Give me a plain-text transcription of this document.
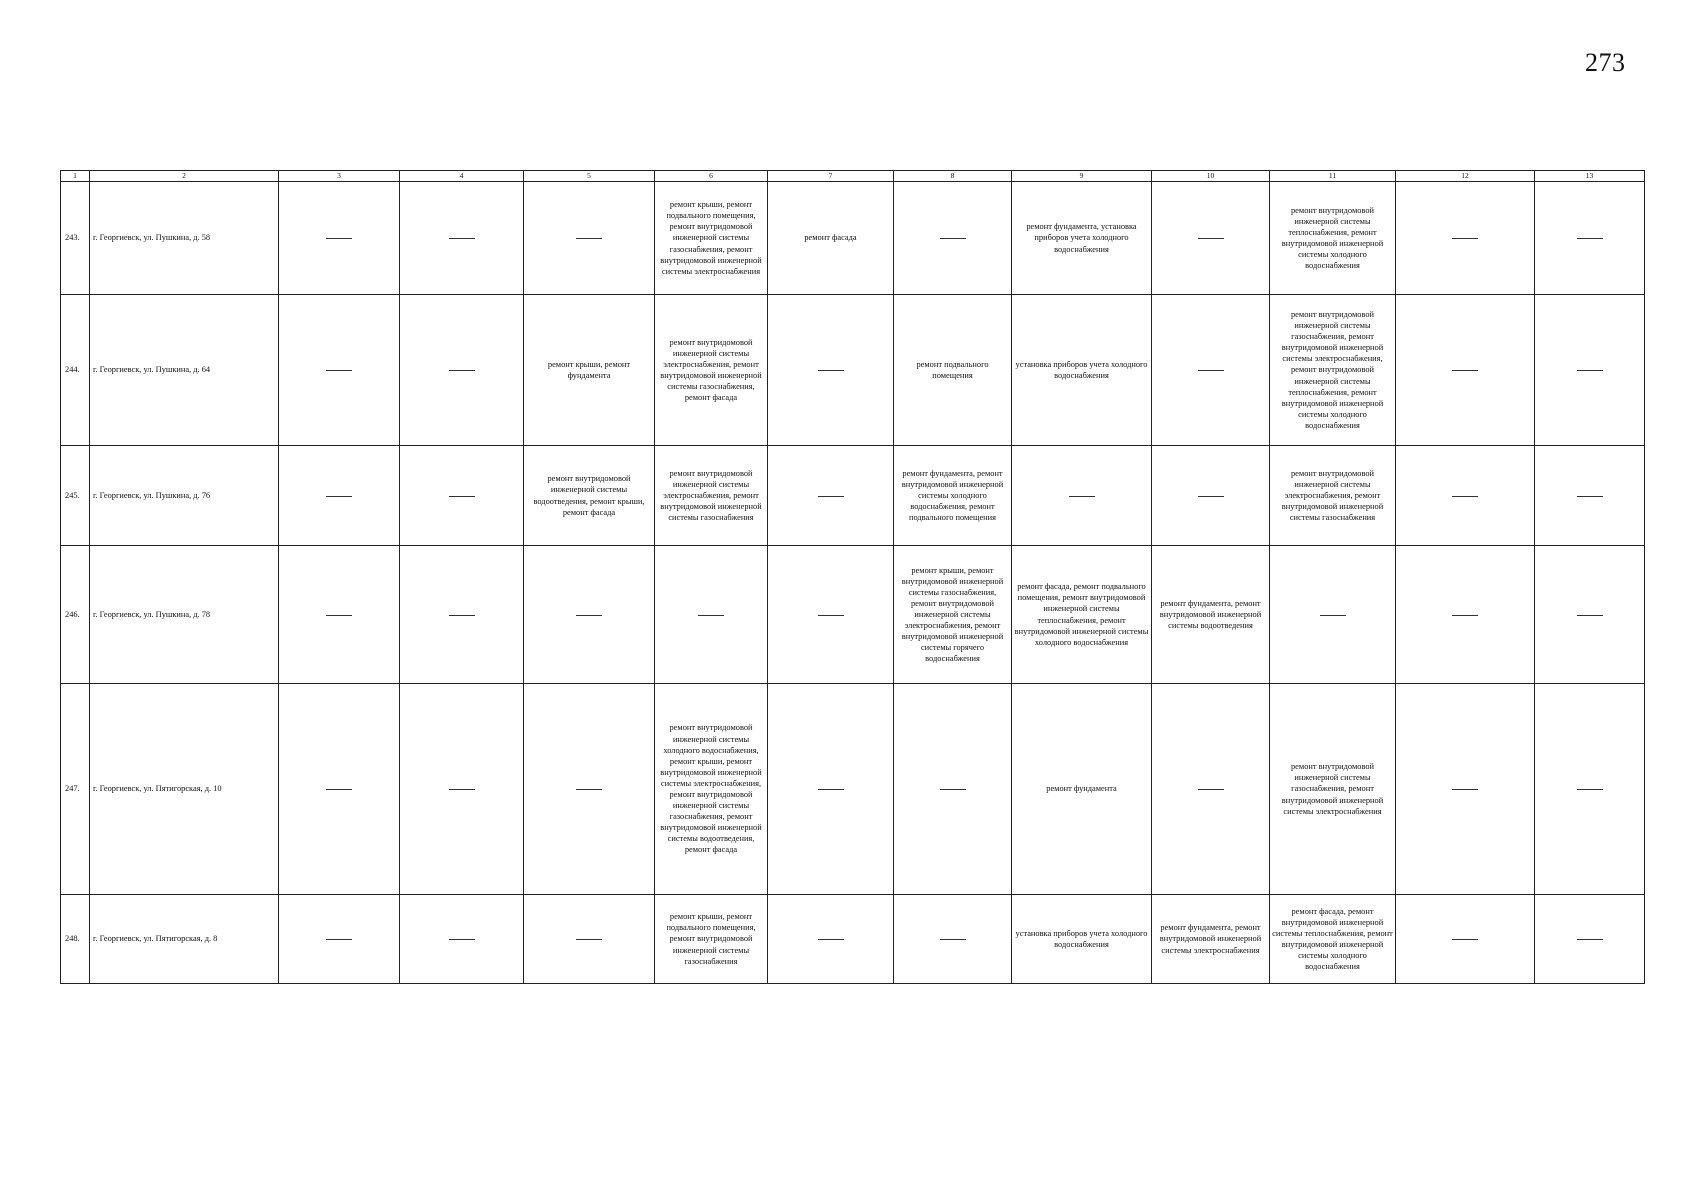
273
1	2	3	4	5	6	7	8	9	10	11	12	13
243.	г. Георгиевск, ул. Пушкина, д. 58				ремонт крыши, ремонт подвального помещения, ремонт внутридомовой инженерной системы газоснабжения, ремонт внутридомовой инженерной системы электроснабжения	ремонт фасада		ремонт фундамента, установка приборов учета холодного водоснабжения		ремонт внутридомовой инженерной системы теплоснабжения, ремонт внутридомовой инженерной системы холодного водоснабжения		

244.	г. Георгиевск, ул. Пушкина, д. 64			ремонт крыши, ремонт фундамента	ремонт внутридомовой инженерной системы электроснабжения, ремонт внутридомовой инженерной системы газоснабжения, ремонт фасада		ремонт подвального помещения	установка приборов учета холодного водоснабжения		ремонт внутридомовой инженерной системы газоснабжения, ремонт внутридомовой инженерной системы электроснабжения, ремонт внутридомовой инженерной системы теплоснабжения, ремонт внутридомовой инженерной системы холодного водоснабжения		

245.	г. Георгиевск, ул. Пушкина, д. 76			ремонт внутридомовой инженерной системы водоотведения, ремонт крыши, ремонт фасада	ремонт внутридомовой инженерной системы электроснабжения, ремонт внутридомовой инженерной системы газоснабжения		ремонт фундамента, ремонт внутридомовой инженерной системы холодного водоснабжения, ремонт подвального помещения			ремонт внутридомовой инженерной системы электроснабжения, ремонт внутридомовой инженерной системы газоснабжения		

246.	г. Георгиевск, ул. Пушкина, д. 78						ремонт крыши, ремонт внутридомовой инженерной системы газоснабжения, ремонт внутридомовой инженерной системы электроснабжения, ремонт внутридомовой инженерной системы горячего водоснабжения	ремонт фасада, ремонт подвального помещения, ремонт внутридомовой инженерной системы теплоснабжения, ремонт внутридомовой инженерной системы холодного водоснабжения	ремонт фундамента, ремонт внутридомовой инженерной системы водоотведения			

247.	г. Георгиевск, ул. Пятигорская, д. 10				ремонт внутридомовой инженерной системы холодного водоснабжения, ремонт крыши, ремонт внутридомовой инженерной системы электроснабжения, ремонт внутридомовой инженерной системы газоснабжения, ремонт внутридомовой инженерной системы водоотведения, ремонт фасада			ремонт фундамента		ремонт внутридомовой инженерной системы газоснабжения, ремонт внутридомовой инженерной системы электроснабжения		

248.	г. Георгиевск, ул. Пятигорская, д. 8				ремонт крыши, ремонт подвального помещения, ремонт внутридомовой инженерной системы газоснабжения			установка приборов учета холодного водоснабжения	ремонт фундамента, ремонт внутридомовой инженерной системы электроснабжения	ремонт фасада, ремонт внутридомовой инженерной системы теплоснабжения, ремонт внутридомовой инженерной системы холодного водоснабжения		
